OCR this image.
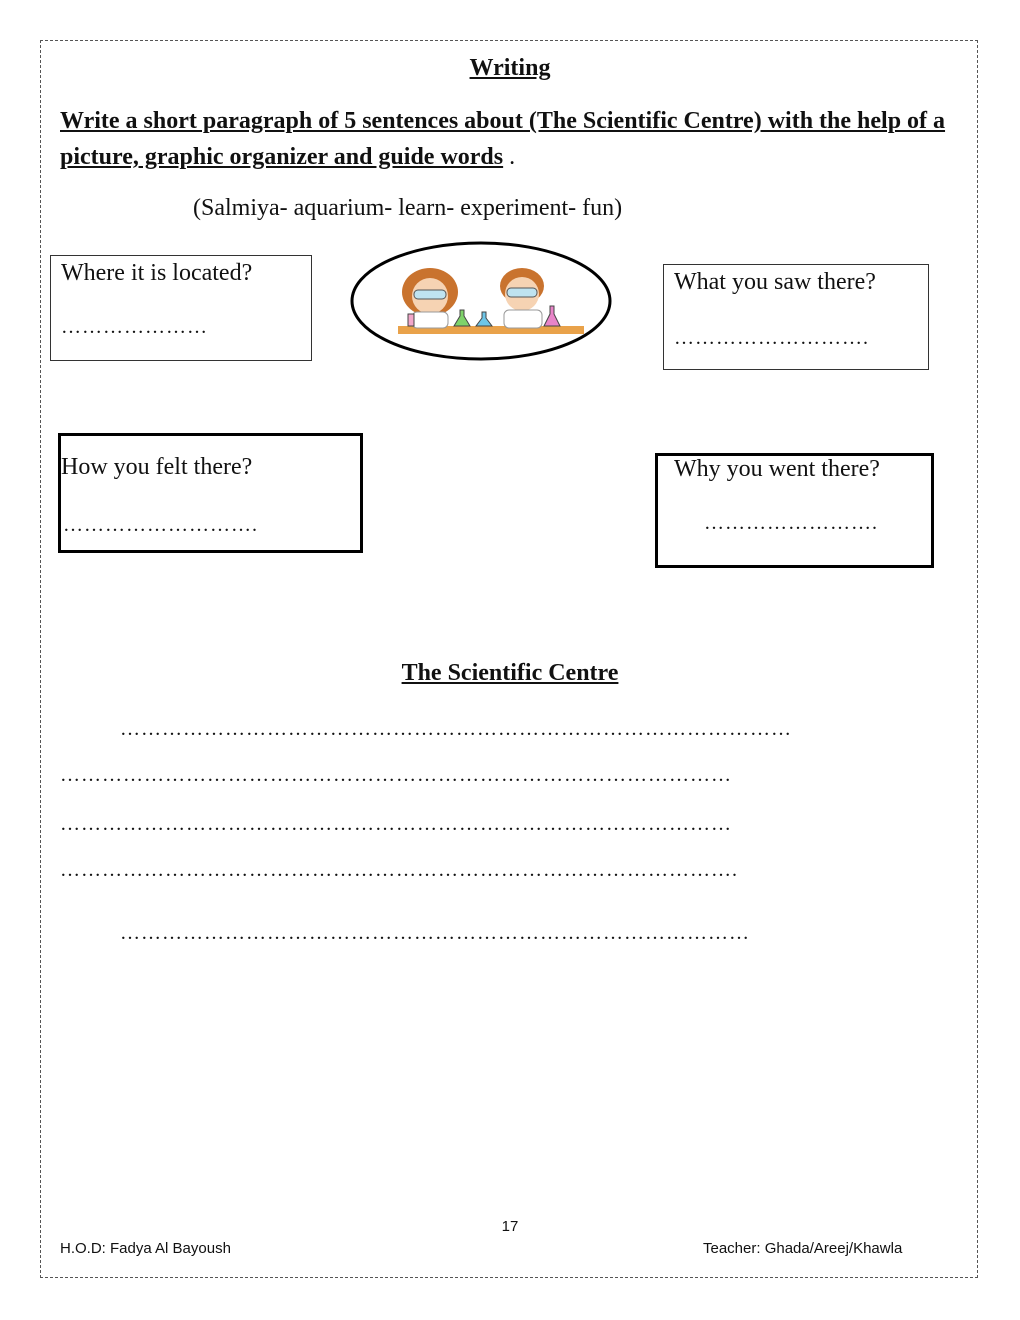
Writing
Write a short paragraph of 5 sentences about (The Scientific Centre) with the help of a picture, graphic organizer and guide words .
(Salmiya- aquarium- learn- experiment- fun)
Where it is located?
…………………
What you saw there?
……………………….
How you felt there?
……………………….
Why you went there?
…………………….
The Scientific Centre
……………………………………………………………………………………
……………………………………………………………………………………
……………………………………………………………………………………
…………………………………………………………………………………….
………………………………………………………………………………
17
H.O.D: Fadya Al Bayoush	Teacher: Ghada/Areej/Khawla
